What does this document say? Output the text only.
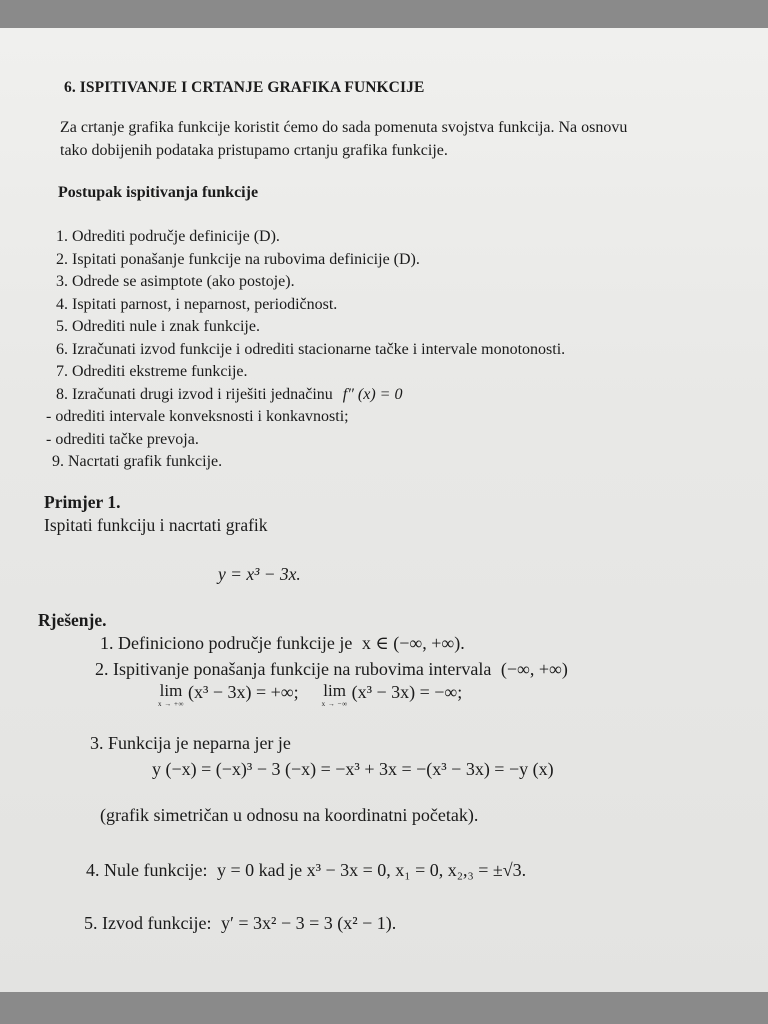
6. ISPITIVANJE I CRTANJE GRAFIKA FUNKCIJE
Za crtanje grafika funkcije koristit ćemo do sada pomenuta svojstva funkcija. Na osnovu
tako dobijenih podataka pristupamo crtanju grafika funkcije.
Postupak ispitivanja funkcije
1. Odrediti područje definicije (D).
2. Ispitati ponašanje funkcije na rubovima definicije (D).
3. Odrede se asimptote (ako postoje).
4. Ispitati parnost, i neparnost, periodičnost.
5. Odrediti nule i znak funkcije.
6. Izračunati izvod funkcije i odrediti stacionarne tačke i intervale monotonosti.
7. Odrediti ekstreme funkcije.
8. Izračunati drugi izvod i riješiti jednačinu f″ (x) = 0
- odrediti intervale konveksnosti i konkavnosti;
- odrediti tačke prevoja.
9. Nacrtati grafik funkcije.
Primjer 1.
Ispitati funkciju i nacrtati grafik
y = x³ − 3x.
Rješenje.
1. Definiciono područje funkcije je x ∈ (−∞, +∞).
2. Ispitivanje ponašanja funkcije na rubovima intervala (−∞, +∞)
lim
x → +∞
(x³ − 3x) = +∞; lim
x → −∞
(x³ − 3x) = −∞;
3. Funkcija je neparna jer je
y (−x) = (−x)³ − 3 (−x) = −x³ + 3x = −(x³ − 3x) = −y (x)
(grafik simetričan u odnosu na koordinatni početak).
4. Nule funkcije: y = 0 kad je x³ − 3x = 0, x₁ = 0, x₂,₃ = ±√3.
5. Izvod funkcije: y′ = 3x² − 3 = 3 (x² − 1).
